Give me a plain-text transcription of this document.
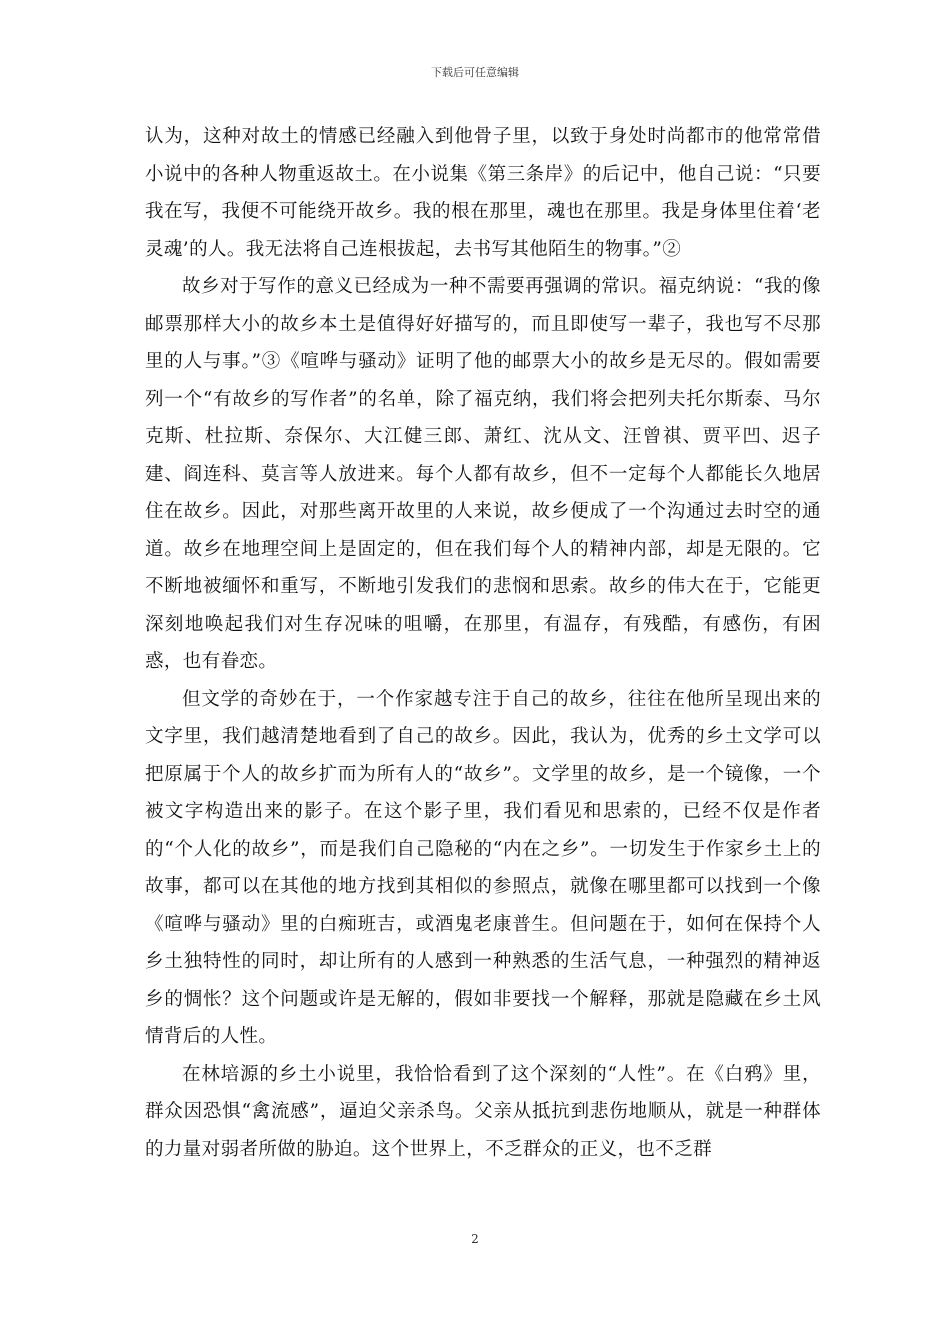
下载后可任意编辑

认为，这种对故土的情感已经融入到他骨子里，以致于身处时尚都市的他常常借小说中的各种人物重返故土。在小说集《第三条岸》的后记中，他自己说：“只要我在写，我便不可能绕开故乡。我的根在那里，魂也在那里。我是身体里住着‘老灵魂’的人。我无法将自己连根拔起，去书写其他陌生的物事。”②

故乡对于写作的意义已经成为一种不需要再强调的常识。福克纳说：“我的像邮票那样大小的故乡本土是值得好好描写的，而且即使写一辈子，我也写不尽那里的人与事。”③《喧哗与骚动》证明了他的邮票大小的故乡是无尽的。假如需要列一个“有故乡的写作者”的名单，除了福克纳，我们将会把列夫托尔斯泰、马尔克斯、杜拉斯、奈保尔、大江健三郎、萧红、沈从文、汪曾祺、贾平凹、迟子建、阎连科、莫言等人放进来。每个人都有故乡，但不一定每个人都能长久地居住在故乡。因此，对那些离开故里的人来说，故乡便成了一个沟通过去时空的通道。故乡在地理空间上是固定的，但在我们每个人的精神内部，却是无限的。它不断地被缅怀和重写，不断地引发我们的悲悯和思索。故乡的伟大在于，它能更深刻地唤起我们对生存况味的咀嚼，在那里，有温存，有残酷，有感伤，有困惑，也有眷恋。

但文学的奇妙在于，一个作家越专注于自己的故乡，往往在他所呈现出来的文字里，我们越清楚地看到了自己的故乡。因此，我认为，优秀的乡土文学可以把原属于个人的故乡扩而为所有人的“故乡”。文学里的故乡，是一个镜像，一个被文字构造出来的影子。在这个影子里，我们看见和思索的，已经不仅是作者的“个人化的故乡”，而是我们自己隐秘的“内在之乡”。一切发生于作家乡土上的故事，都可以在其他的地方找到其相似的参照点，就像在哪里都可以找到一个像《喧哗与骚动》里的白痴班吉，或酒鬼老康普生。但问题在于，如何在保持个人乡土独特性的同时，却让所有的人感到一种熟悉的生活气息，一种强烈的精神返乡的惆怅？这个问题或许是无解的，假如非要找一个解释，那就是隐藏在乡土风情背后的人性。

在林培源的乡土小说里，我恰恰看到了这个深刻的“人性”。在《白鸦》里，群众因恐惧“禽流感”，逼迫父亲杀鸟。父亲从抵抗到悲伤地顺从，就是一种群体的力量对弱者所做的胁迫。这个世界上，不乏群众的正义，也不乏群

2
